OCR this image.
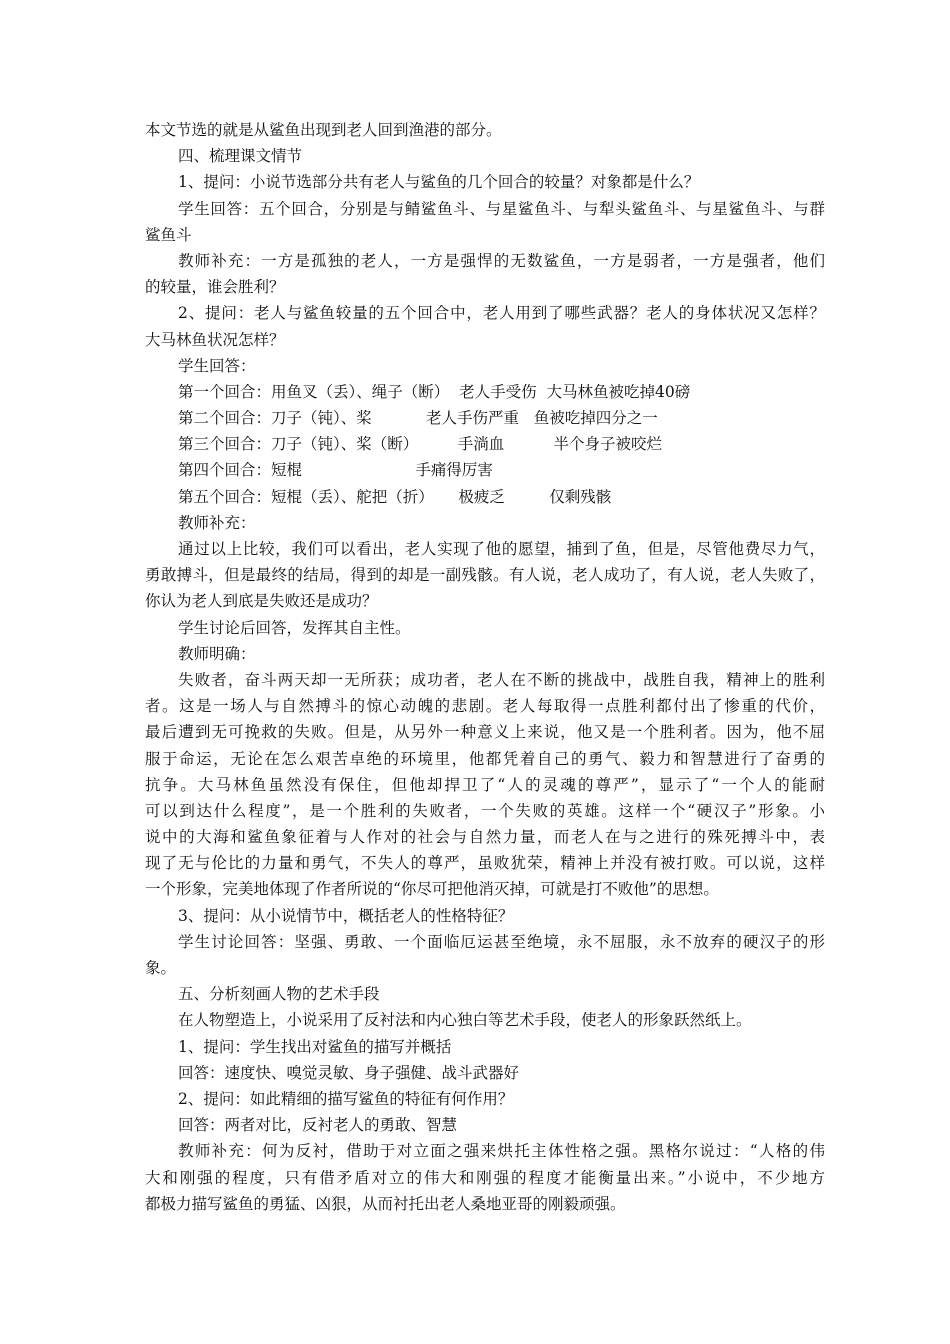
本文节选的就是从鲨鱼出现到老人回到渔港的部分。
四、梳理课文情节
1、提问：小说节选部分共有老人与鲨鱼的几个回合的较量？对象都是什么？
学生回答：五个回合，分别是与鲭鲨鱼斗、与星鲨鱼斗、与犁头鲨鱼斗、与星鲨鱼斗、与群
鲨鱼斗
教师补充：一方是孤独的老人，一方是强悍的无数鲨鱼，一方是弱者，一方是强者，他们
的较量，谁会胜利？
2、提问：老人与鲨鱼较量的五个回合中，老人用到了哪些武器？老人的身体状况又怎样？
大马林鱼状况怎样？
学生回答：
第一个回合：用鱼叉（丢）、绳子（断） 老人手受伤 大马林鱼被吃掉40磅
第二个回合：刀子（钝）、桨	老人手伤严重 鱼被吃掉四分之一
第三个回合：刀子（钝）、桨（断）	手淌血	半个身子被咬烂
第四个回合：短棍	手痛得厉害
第五个回合：短棍（丢）、舵把（折） 极疲乏	仅剩残骸
教师补充：
通过以上比较，我们可以看出，老人实现了他的愿望，捕到了鱼，但是，尽管他费尽力气，
勇敢搏斗，但是最终的结局，得到的却是一副残骸。有人说，老人成功了，有人说，老人失败了，
你认为老人到底是失败还是成功？
学生讨论后回答，发挥其自主性。
教师明确：
失败者，奋斗两天却一无所获；成功者，老人在不断的挑战中，战胜自我，精神上的胜利
者。这是一场人与自然搏斗的惊心动魄的悲剧。老人每取得一点胜利都付出了惨重的代价，
最后遭到无可挽救的失败。但是，从另外一种意义上来说，他又是一个胜利者。因为，他不屈
服于命运，无论在怎么艰苦卓绝的环境里，他都凭着自己的勇气、毅力和智慧进行了奋勇的
抗争。大马林鱼虽然没有保住，但他却捍卫了“人的灵魂的尊严”，显示了“一个人的能耐
可以到达什么程度”，是一个胜利的失败者，一个失败的英雄。这样一个“硬汉子”形象。小
说中的大海和鲨鱼象征着与人作对的社会与自然力量，而老人在与之进行的殊死搏斗中，表
现了无与伦比的力量和勇气，不失人的尊严，虽败犹荣，精神上并没有被打败。可以说，这样
一个形象，完美地体现了作者所说的“你尽可把他消灭掉，可就是打不败他”的思想。
3、提问：从小说情节中，概括老人的性格特征？
学生讨论回答：坚强、勇敢、一个面临厄运甚至绝境，永不屈服，永不放弃的硬汉子的形
象。
五、分析刻画人物的艺术手段
在人物塑造上，小说采用了反衬法和内心独白等艺术手段，使老人的形象跃然纸上。
1、提问：学生找出对鲨鱼的描写并概括
回答：速度快、嗅觉灵敏、身子强健、战斗武器好
2、提问：如此精细的描写鲨鱼的特征有何作用？
回答：两者对比，反衬老人的勇敢、智慧
教师补充：何为反衬，借助于对立面之强来烘托主体性格之强。黑格尔说过：“人格的伟
大和刚强的程度，只有借矛盾对立的伟大和刚强的程度才能衡量出来。”小说中，不少地方
都极力描写鲨鱼的勇猛、凶狠，从而衬托出老人桑地亚哥的刚毅顽强。
